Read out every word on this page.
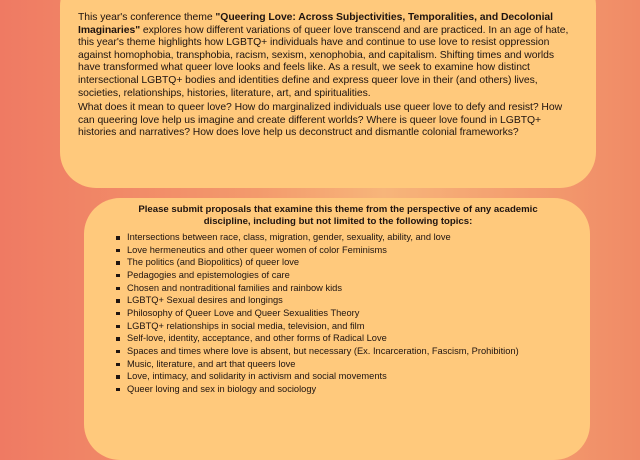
This year's conference theme "Queering Love: Across Subjectivities, Temporalities, and Decolonial Imaginaries" explores how different variations of queer love transcend and are practiced. In an age of hate, this year's theme highlights how LGBTQ+ individuals have and continue to use love to resist oppression against homophobia, transphobia, racism, sexism, xenophobia, and capitalism. Shifting times and worlds have transformed what queer love looks and feels like. As a result, we seek to examine how distinct intersectional LGBTQ+ bodies and identities define and express queer love in their (and others) lives, societies, relationships, histories, literature, art, and spiritualities.

What does it mean to queer love? How do marginalized individuals use queer love to defy and resist? How can queering love help us imagine and create different worlds? Where is queer love found in LGBTQ+ histories and narratives? How does love help us deconstruct and dismantle colonial frameworks?

Please submit proposals that examine this theme from the perspective of any academic
discipline, including but not limited to the following topics:
Intersections between race, class, migration, gender, sexuality, ability, and love
Love hermeneutics and other queer women of color Feminisms
The politics (and Biopolitics) of queer love
Pedagogies and epistemologies of care
Chosen and nontraditional families and rainbow kids
LGBTQ+ Sexual desires and longings
Philosophy of Queer Love and Queer Sexualities Theory
LGBTQ+ relationships in social media, television, and film
Self-love, identity, acceptance, and other forms of Radical Love
Spaces and times where love is absent, but necessary (Ex. Incarceration, Fascism, Prohibition)
Music, literature, and art that queers love
Love, intimacy, and solidarity in activism and social movements
Queer loving and sex in biology and sociology
